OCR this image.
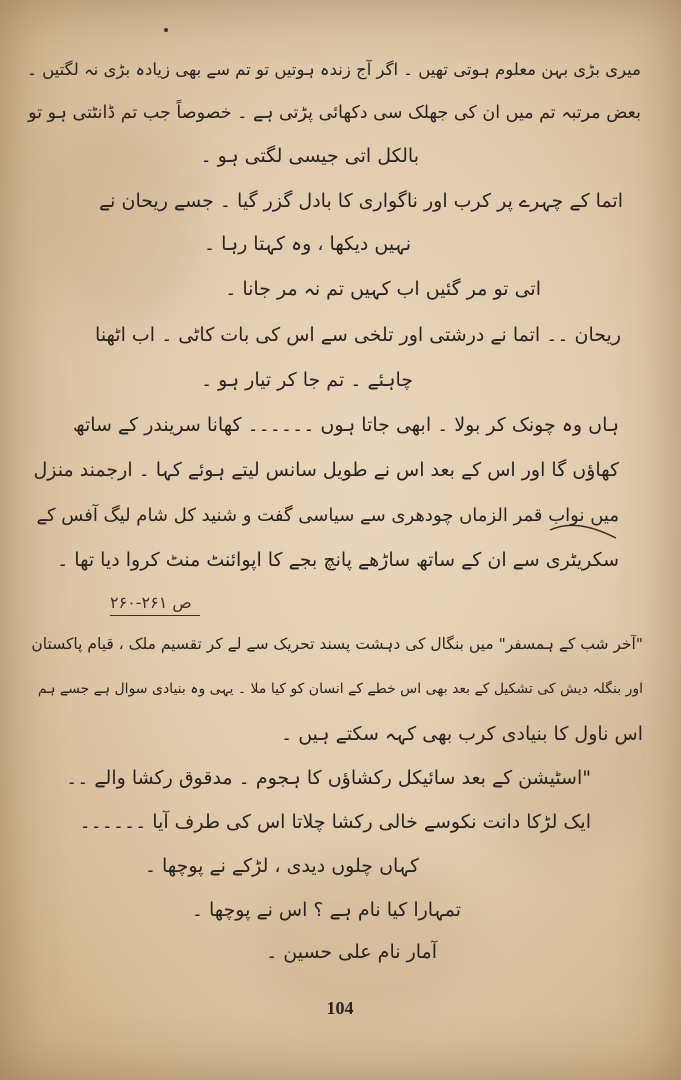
میری بڑی بہن معلوم ہوتی تھیں ۔ اگر آج زندہ ہوتیں تو تم سے بھی زیادہ بڑی نہ لگتیں ۔
بعض مرتبہ تم میں ان کی جھلک سی دکھائی پڑتی ہے ۔ خصوصاً جب تم ڈانٹتی ہو تو
بالکل اتی جیسی لگتی ہو ۔
اتما کے چہرے پر کرب اور ناگواری کا بادل گزر گیا ۔ جسے ریحان نے
نہیں دیکھا ، وہ کہتا رہا ۔
اتی تو مر گئیں اب کہیں تم نہ مر جانا ۔
ریحان ۔۔ اتما نے درشتی اور تلخی سے اس کی بات کاٹی ۔ اب اٹھنا
چاہئے ۔ تم جا کر تیار ہو ۔
ہاں وہ چونک کر بولا ۔ ابھی جاتا ہوں ۔۔۔۔۔۔ کھانا سریندر کے ساتھ
کھاؤں گا اور اس کے بعد اس نے طویل سانس لیتے ہوئے کہا ۔ ارجمند منزل
میں نواب قمر الزماں چودھری سے سیاسی گفت و شنید کل شام لیگ آفس کے
سکریٹری سے ان کے ساتھ ساڑھے پانچ بجے کا اپوائنٹ منٹ کروا دیا تھا ۔
۲۶۰-۲۶۱ ص
"آخر شب کے ہمسفر" میں بنگال کی دہشت پسند تحریک سے لے کر تقسیم ملک ، قیام پاکستان
اور بنگلہ دیش کی تشکیل کے بعد بھی اس خطے کے انسان کو کیا ملا ۔ یہی وہ بنیادی سوال ہے جسے ہم
اس ناول کا بنیادی کرب بھی کہہ سکتے ہیں ۔
"اسٹیشن کے بعد سائیکل رکشاؤں کا ہجوم ۔ مدقوق رکشا والے ۔۔
ایک لڑکا دانت نکوسے خالی رکشا چلاتا اس کی طرف آیا ۔۔۔۔۔۔
کہاں چلوں دیدی ، لڑکے نے پوچھا ۔
تمہارا کیا نام ہے ؟ اس نے پوچھا ۔
آمار نام علی حسین ۔
104
